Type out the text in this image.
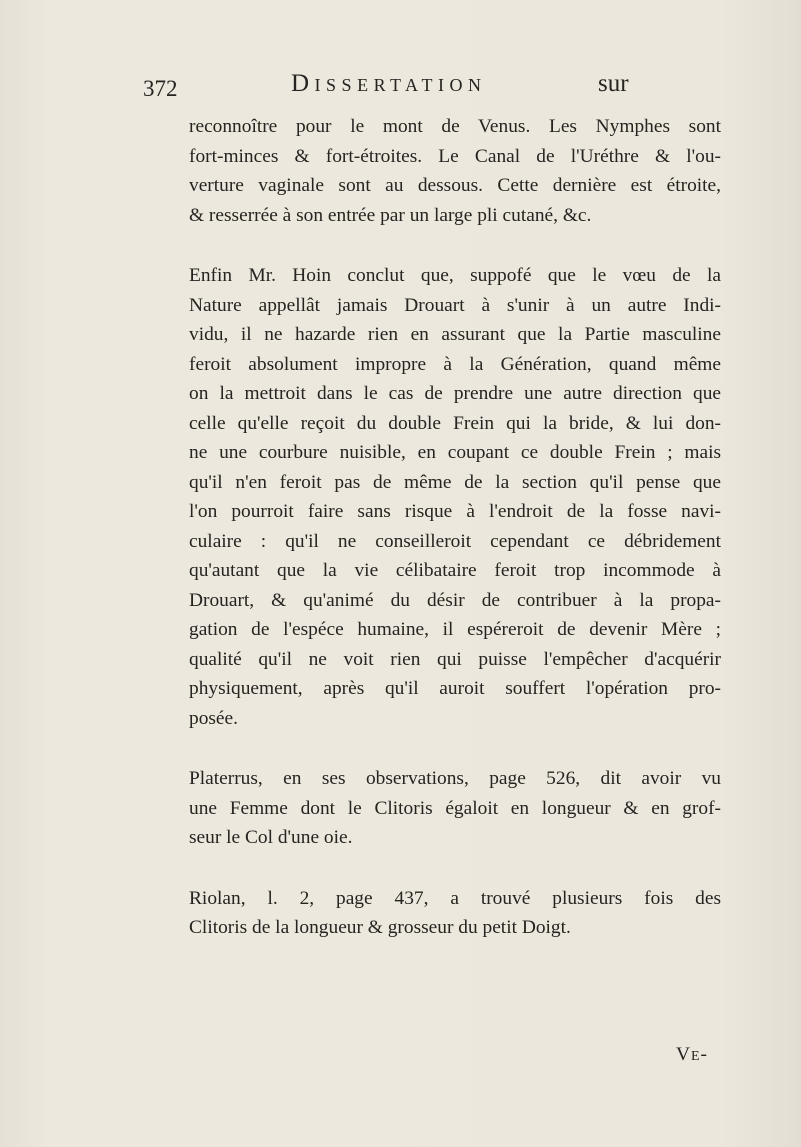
372	Dissertation	sur
reconnoître pour le mont de Venus. Les Nymphes sont
fort-minces & fort-étroites. Le Canal de l'Uréthre & l'ou-
verture vaginale sont au dessous. Cette dernière est étroite,
& resserrée à son entrée par un large pli cutané, &c.
Enfin Mr. Hoin conclut que, suppofé que le vœu de la
Nature appellât jamais Drouart à s'unir à un autre Indi-
vidu, il ne hazarde rien en assurant que la Partie masculine
feroit absolument impropre à la Génération, quand même
on la mettroit dans le cas de prendre une autre direction que
celle qu'elle reçoit du double Frein qui la bride, & lui don-
ne une courbure nuisible, en coupant ce double Frein ; mais
qu'il n'en feroit pas de même de la section qu'il pense que
l'on pourroit faire sans risque à l'endroit de la fosse navi-
culaire : qu'il ne conseilleroit cependant ce débridement
qu'autant que la vie célibataire feroit trop incommode à
Drouart, & qu'animé du désir de contribuer à la propa-
gation de l'espéce humaine, il espéreroit de devenir Mère ;
qualité qu'il ne voit rien qui puisse l'empêcher d'acquérir
physiquement, après qu'il auroit souffert l'opération pro-
posée.
Platerrus, en ses observations, page 526, dit avoir vu
une Femme dont le Clitoris égaloit en longueur & en grof-
seur le Col d'une oie.
Riolan, l. 2, page 437, a trouvé plusieurs fois des
Clitoris de la longueur & grosseur du petit Doigt.
Ve-
